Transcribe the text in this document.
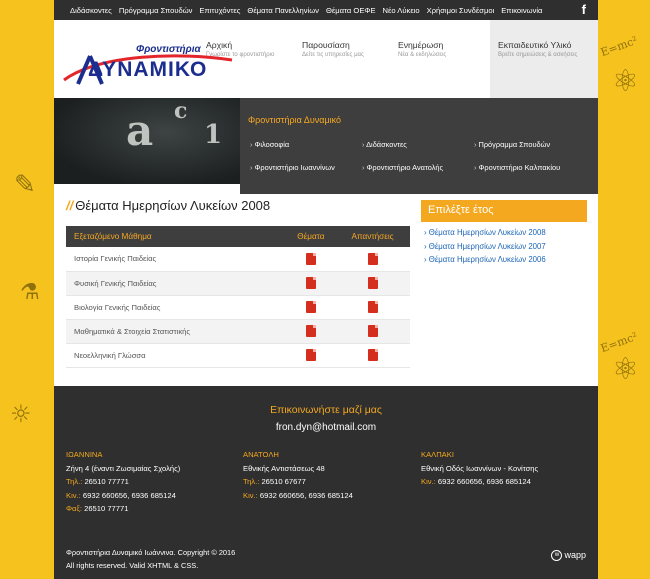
E=mc²
⚛
E=mc²
⚛
✎
⚗
☼
Διδάσκοντες Πρόγραμμα Σπουδών Επιτυχόντες Θέματα Πανελληνίων Θέματα ΟΕΦΕ Νέο Λύκειο Χρήσιμοι Συνδέσμοι Επικοινωνία	f
Φροντιστήρια
ΔΥΝΑΜΙΚΟ
Αρχική
Γνωρίστε το φροντιστήριο
Παρουσίαση
Δείτε τις υπηρεσίες μας
Ενημέρωση
Νέα & εκδηλώσεις
Εκπαιδευτικό Υλικό
Βρείτε σημειώσεις & ασκήσεις
a c
1
// Θέματα Ημερησίων Λυκείων 2008
Εξεταζόμενο Μάθημα	Θέματα	Απαντήσεις
Ιστορία Γενικής Παιδείας		
Φυσική Γενικής Παιδείας		
Βιολογία Γενικής Παιδείας		
Μαθηματικά & Στοιχεία Στατιστικής		
Νεοελληνική Γλώσσα		
Επιλέξτε έτος
› Θέματα Ημερησίων Λυκείων 2008
› Θέματα Ημερησίων Λυκείων 2007
› Θέματα Ημερησίων Λυκείων 2006
Επικοινωνήστε μαζί μας
fron.dyn@hotmail.com
ΙΩΑΝΝΙΝΑ
Ζήνη 4 (έναντι Ζωσιμαίας Σχολής)
Τηλ.: 26510 77771
Κιν.: 6932 660656, 6936 685124
Φαξ: 26510 77771
ΑΝΑΤΟΛΗ
Εθνικής Αντιστάσεως 48
Τηλ.: 26510 67677
Κιν.: 6932 660656, 6936 685124
ΚΑΛΠΑΚΙ
Εθνική Οδός Ιωαννίνων - Κονίτσης
Κιν.: 6932 660656, 6936 685124
Φροντιστήρια Δυναμικό Ιωάννινα. Copyright © 2016
All rights reserved. Valid XHTML & CSS.
w wapp
Φροντιστήρια Δυναμικό
› Φιλοσοφία	› Διδάσκοντες	› Πρόγραμμα Σπουδών
› Φροντιστήριο Ιωαννίνων	› Φροντιστήριο Ανατολής	› Φροντιστήριο Καλπακίου
